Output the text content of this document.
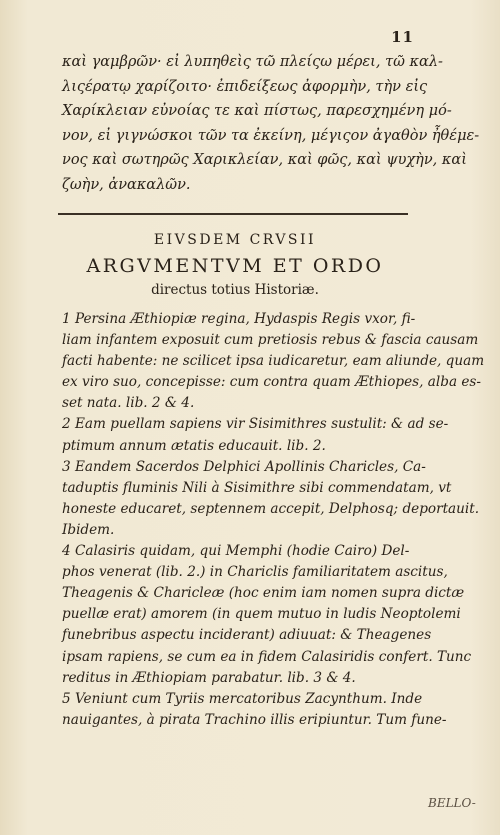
11
καὶ γαμβρῶν· εἰ λυπηθεὶς τῶ πλείςω μέρει, τῶ καλ-
λιςέρατῳ χαρίζοιτο· ἐπιδείξεως ἀφορμὴν, τὴν εἰς
Χαρίκλειαν εὐνοίας τε καὶ πίστως, παρεσχημένη μό-
νον, εἰ γιγνώσκοι τῶν τα ἐκείνη, μέγιςον ἀγαθὸν ἦθέμε-
νος καὶ σωτηρῶς Χαρικλείαν, καὶ φῶς, καὶ ψυχὴν, καὶ
ζωὴν, ἀνακαλῶν.
EIVSDEM CRVSII
ARGVMENTVM ET ORDO
directus totius Historiæ.
1 Persina Æthiopiæ regina, Hydaspis Regis vxor, fi-
liam infantem exposuit cum pretiosis rebus & fascia causam
facti habente: ne scilicet ipsa iudicaretur, eam aliunde, quam
ex viro suo, concepisse: cum contra quam Æthiopes, alba es-
set nata. lib. 2 & 4.
2 Eam puellam sapiens vir Sisimithres sustulit: & ad se-
ptimum annum ætatis educauit. lib. 2.
3 Eandem Sacerdos Delphici Apollinis Charicles, Ca-
taduptis fluminis Nili à Sisimithre sibi commendatam, vt
honeste educaret, septennem accepit, Delphosq; deportauit.
Ibidem.
4 Calasiris quidam, qui Memphi (hodie Cairo) Del-
phos venerat (lib. 2.) in Chariclis familiaritatem ascitus,
Theagenis & Charicleæ (hoc enim iam nomen supra dictæ
puellæ erat) amorem (in quem mutuo in ludis Neoptolemi
funebribus aspectu inciderant) adiuuat: & Theagenes
ipsam rapiens, se cum ea in fidem Calasiridis confert. Tunc
reditus in Æthiopiam parabatur. lib. 3 & 4.
5 Veniunt cum Tyriis mercatoribus Zacynthum. Inde
nauigantes, à pirata Trachino illis eripiuntur. Tum fune-
BELLO-
